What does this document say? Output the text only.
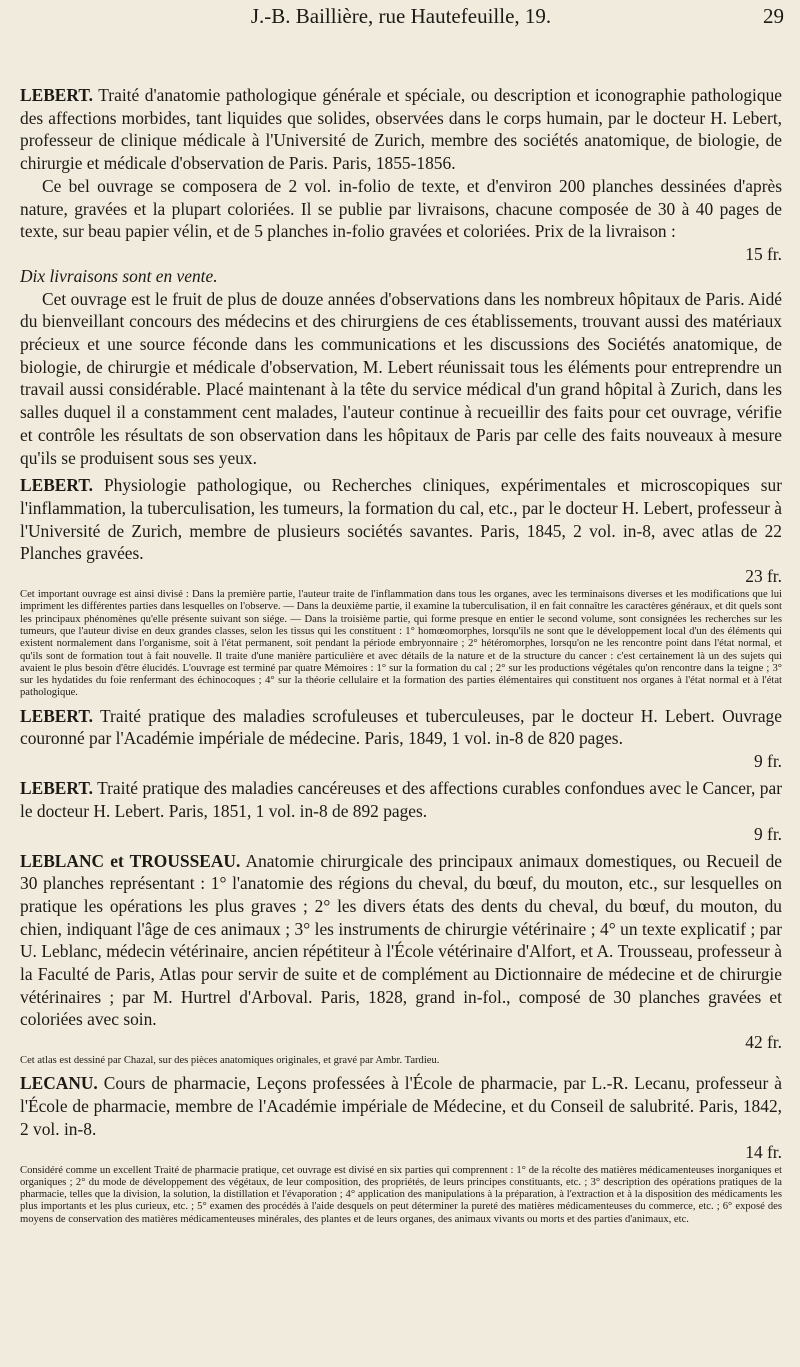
J.-B. Baillière, rue Hautefeuille, 19.	29

LEBERT. Traité d'anatomie pathologique générale et spéciale, ou description et iconographie pathologique des affections morbides, tant liquides que solides, observées dans le corps humain, par le docteur H. Lebert, professeur de clinique médicale à l'Université de Zurich, membre des sociétés anatomique, de biologie, de chirurgie et médicale d'observation de Paris. Paris, 1855-1856.

Ce bel ouvrage se composera de 2 vol. in-folio de texte, et d'environ 200 planches dessinées d'après nature, gravées et la plupart coloriées. Il se publie par livraisons, chacune composée de 30 à 40 pages de texte, sur beau papier vélin, et de 5 planches in-folio gravées et coloriées. Prix de la livraison :

15 fr.

Dix livraisons sont en vente.

Cet ouvrage est le fruit de plus de douze années d'observations dans les nombreux hôpitaux de Paris. Aidé du bienveillant concours des médecins et des chirurgiens de ces établissements, trouvant aussi des matériaux précieux et une source féconde dans les communications et les discussions des Sociétés anatomique, de biologie, de chirurgie et médicale d'observation, M. Lebert réunissait tous les éléments pour entreprendre un travail aussi considérable. Placé maintenant à la tête du service médical d'un grand hôpital à Zurich, dans les salles duquel il a constamment cent malades, l'auteur continue à recueillir des faits pour cet ouvrage, vérifie et contrôle les résultats de son observation dans les hôpitaux de Paris par celle des faits nouveaux à mesure qu'ils se produisent sous ses yeux.

LEBERT. Physiologie pathologique, ou Recherches cliniques, expérimentales et microscopiques sur l'inflammation, la tuberculisation, les tumeurs, la formation du cal, etc., par le docteur H. Lebert, professeur à l'Université de Zurich, membre de plusieurs sociétés savantes. Paris, 1845, 2 vol. in-8, avec atlas de 22 Planches gravées.

23 fr.

Cet important ouvrage est ainsi divisé : Dans la première partie, l'auteur traite de l'inflammation dans tous les organes, avec les terminaisons diverses et les modifications que lui impriment les différentes parties dans lesquelles on l'observe. — Dans la deuxième partie, il examine la tuberculisation, il en fait connaître les caractères généraux, et dit quels sont les principaux phénomènes qu'elle présente suivant son siége. — Dans la troisième partie, qui forme presque en entier le second volume, sont consignées les recherches sur les tumeurs, que l'auteur divise en deux grandes classes, selon les tissus qui les constituent : 1° homœomorphes, lorsqu'ils ne sont que le développement local d'un des éléments qui existent normalement dans l'organisme, soit à l'état permanent, soit pendant la période embryonnaire ; 2° hétéromorphes, lorsqu'on ne les rencontre point dans l'état normal, et qu'ils sont de formation tout à fait nouvelle. Il traite d'une manière particulière et avec détails de la nature et de la structure du cancer : c'est certainement là un des sujets qui avaient le plus besoin d'être élucidés. L'ouvrage est terminé par quatre Mémoires : 1° sur la formation du cal ; 2° sur les productions végétales qu'on rencontre dans la teigne ; 3° sur les hydatides du foie renfermant des échinocoques ; 4° sur la théorie cellulaire et la formation des parties élémentaires qui constituent nos organes à l'état normal et à l'état pathologique.

LEBERT. Traité pratique des maladies scrofuleuses et tuberculeuses, par le docteur H. Lebert. Ouvrage couronné par l'Académie impériale de médecine. Paris, 1849, 1 vol. in-8 de 820 pages.

9 fr.

LEBERT. Traité pratique des maladies cancéreuses et des affections curables confondues avec le Cancer, par le docteur H. Lebert. Paris, 1851, 1 vol. in-8 de 892 pages.

9 fr.

LEBLANC et TROUSSEAU. Anatomie chirurgicale des principaux animaux domestiques, ou Recueil de 30 planches représentant : 1° l'anatomie des régions du cheval, du bœuf, du mouton, etc., sur lesquelles on pratique les opérations les plus graves ; 2° les divers états des dents du cheval, du bœuf, du mouton, du chien, indiquant l'âge de ces animaux ; 3° les instruments de chirurgie vétérinaire ; 4° un texte explicatif ; par U. Leblanc, médecin vétérinaire, ancien répétiteur à l'École vétérinaire d'Alfort, et A. Trousseau, professeur à la Faculté de Paris, Atlas pour servir de suite et de complément au Dictionnaire de médecine et de chirurgie vétérinaires ; par M. Hurtrel d'Arboval. Paris, 1828, grand in-fol., composé de 30 planches gravées et coloriées avec soin.

42 fr.

Cet atlas est dessiné par Chazal, sur des pièces anatomiques originales, et gravé par Ambr. Tardieu.

LECANU. Cours de pharmacie, Leçons professées à l'École de pharmacie, par L.-R. Lecanu, professeur à l'École de pharmacie, membre de l'Académie impériale de Médecine, et du Conseil de salubrité. Paris, 1842, 2 vol. in-8.

14 fr.

Considéré comme un excellent Traité de pharmacie pratique, cet ouvrage est divisé en six parties qui comprennent : 1° de la récolte des matières médicamenteuses inorganiques et organiques ; 2° du mode de développement des végétaux, de leur composition, des propriétés, de leurs principes constituants, etc. ; 3° description des opérations pratiques de la pharmacie, telles que la division, la solution, la distillation et l'évaporation ; 4° application des manipulations à la préparation, à l'extraction et à la disposition des médicaments les plus importants et les plus curieux, etc. ; 5° examen des procédés à l'aide desquels on peut déterminer la pureté des matières médicamenteuses du commerce, etc. ; 6° exposé des moyens de conservation des matières médicamenteuses minérales, des plantes et de leurs organes, des animaux vivants ou morts et des parties d'animaux, etc.
